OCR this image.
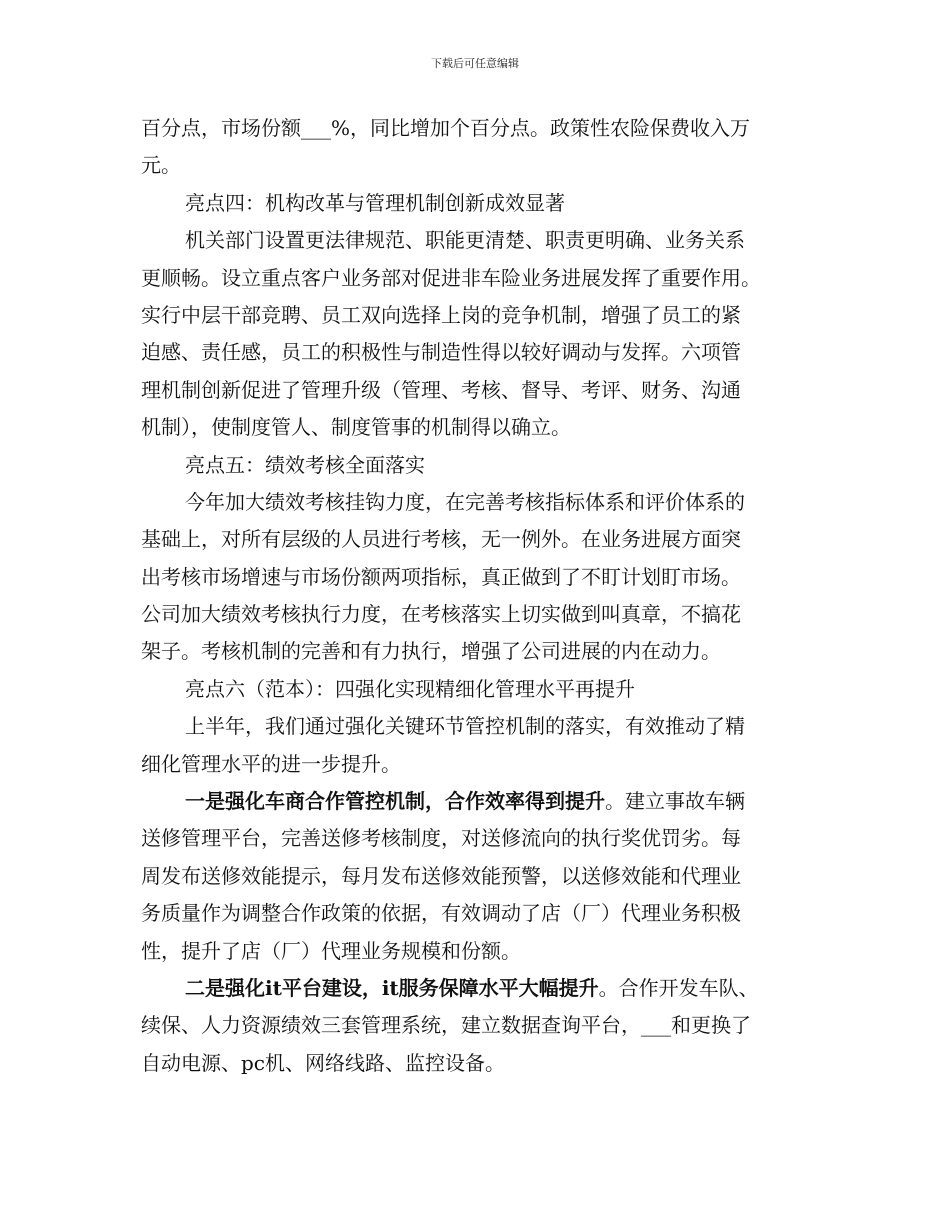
下载后可任意编辑
百分点，市场份额___%，同比增加个百分点。政策性农险保费收入万
元。
亮点四：机构改革与管理机制创新成效显著
机关部门设置更法律规范、职能更清楚、职责更明确、业务关系
更顺畅。设立重点客户业务部对促进非车险业务进展发挥了重要作用。
实行中层干部竞聘、员工双向选择上岗的竞争机制，增强了员工的紧
迫感、责任感，员工的积极性与制造性得以较好调动与发挥。六项管
理机制创新促进了管理升级（管理、考核、督导、考评、财务、沟通
机制），使制度管人、制度管事的机制得以确立。
亮点五：绩效考核全面落实
今年加大绩效考核挂钩力度，在完善考核指标体系和评价体系的
基础上，对所有层级的人员进行考核，无一例外。在业务进展方面突
出考核市场增速与市场份额两项指标，真正做到了不盯计划盯市场。
公司加大绩效考核执行力度，在考核落实上切实做到叫真章，不搞花
架子。考核机制的完善和有力执行，增强了公司进展的内在动力。
亮点六（范本）：四强化实现精细化管理水平再提升
上半年，我们通过强化关键环节管控机制的落实，有效推动了精
细化管理水平的进一步提升。
一是强化车商合作管控机制，合作效率得到提升。建立事故车辆
送修管理平台，完善送修考核制度，对送修流向的执行奖优罚劣。每
周发布送修效能提示，每月发布送修效能预警，以送修效能和代理业
务质量作为调整合作政策的依据，有效调动了店（厂）代理业务积极
性，提升了店（厂）代理业务规模和份额。
二是强化it平台建设，it服务保障水平大幅提升。合作开发车队、
续保、人力资源绩效三套管理系统，建立数据查询平台，___和更换了
自动电源、pc机、网络线路、监控设备。
